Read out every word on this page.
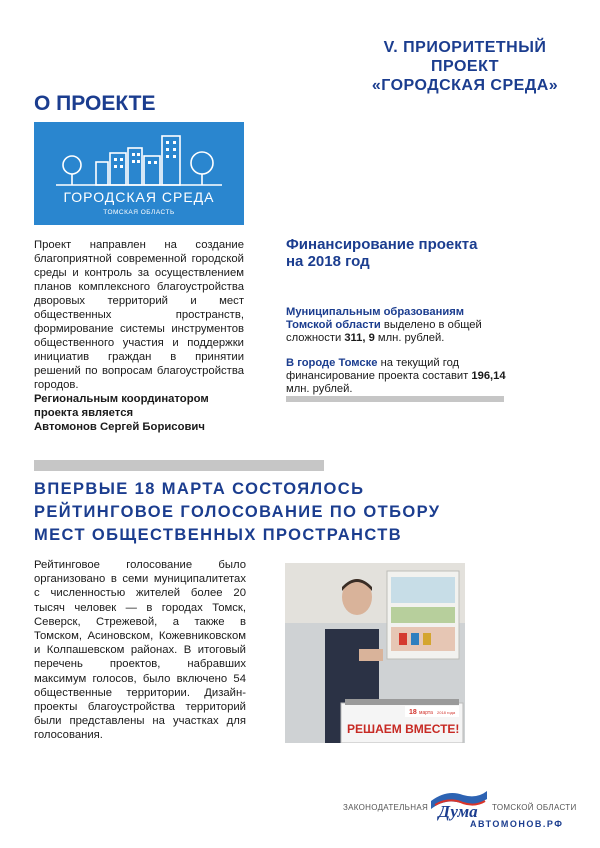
V. ПРИОРИТЕТНЫЙ ПРОЕКТ
«ГОРОДСКАЯ СРЕДА»
О ПРОЕКТЕ
ГОРОДСКАЯ СРЕДА
ТОМСКАЯ ОБЛАСТЬ

Проект направлен на создание благоприятной современной городской среды и контроль за осуществлением планов комплексного благоустройства дворовых территорий и мест общественных пространств, формирование системы инструментов общественного участия и поддержки инициатив граждан в принятии решений по вопросам благоустройства городов.

Региональным координатором

проекта является

Автомонов Сергей Борисович

Финансирование проекта
на 2018 год

Муниципальным образованиям Томской области выделено в общей сложности 311, 9 млн. рублей.

В городе Томске на текущий год финансирование проекта составит 196,14 млн. рублей.

ВПЕРВЫЕ 18 МАРТА СОСТОЯЛОСЬ
РЕЙТИНГОВОЕ ГОЛОСОВАНИЕ ПО ОТБОРУ
МЕСТ ОБЩЕСТВЕННЫХ ПРОСТРАНСТВ
Рейтинговое голосование было организовано в семи муниципалитетах с численностью жителей более 20 тысяч человек — в городах Томск, Северск, Стрежевой, а также в Томском, Асиновском, Кожевниковском и Колпашевском районах. В итоговый перечень проектов, набравших максимум голосов, было включено 54 общественные территории. Дизайн-проекты благоустройства территорий были представлены на участках для голосования.
18 марта 2018 года
РЕШАЕМ ВМЕСТЕ!
ЗАКОНОДАТЕЛЬНАЯ Дума ТОМСКОЙ ОБЛАСТИ
АВТОМОНОВ.РФ
